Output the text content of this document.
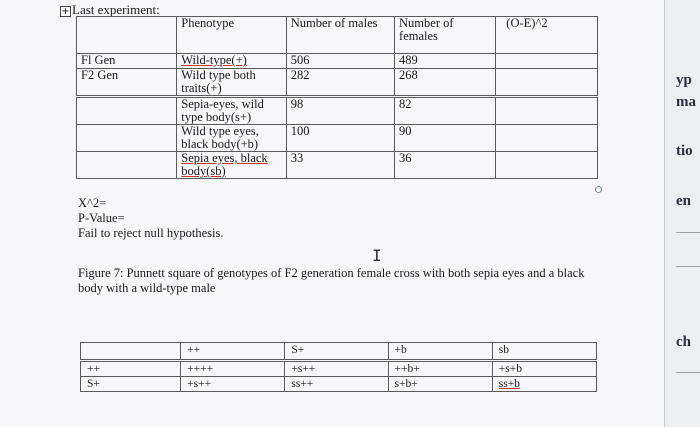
+ Last experiment:
	Phenotype	Number of males	Number of females	(O-E)^2
Fl Gen	Wild-type(+)	506	489	
F2 Gen	Wild type both traits(+)	282	268	
	Sepia-eyes, wild type body(s+)	98	82	
	Wild type eyes, black body(+b)	100	90	
	Sepia eyes, black body(sb)	33	36	
X^2=
P-Value=
Fail to reject null hypothesis.
I
Figure 7: Punnett square of genotypes of F2 generation female cross with both sepia eyes and a black body with a wild-type male
	++	S+	+b	sb
++	++++	+s++	++b+	+s+b
S+	+s++	ss++	s+b+	ss+b
yp
ma
tio
en
ch
